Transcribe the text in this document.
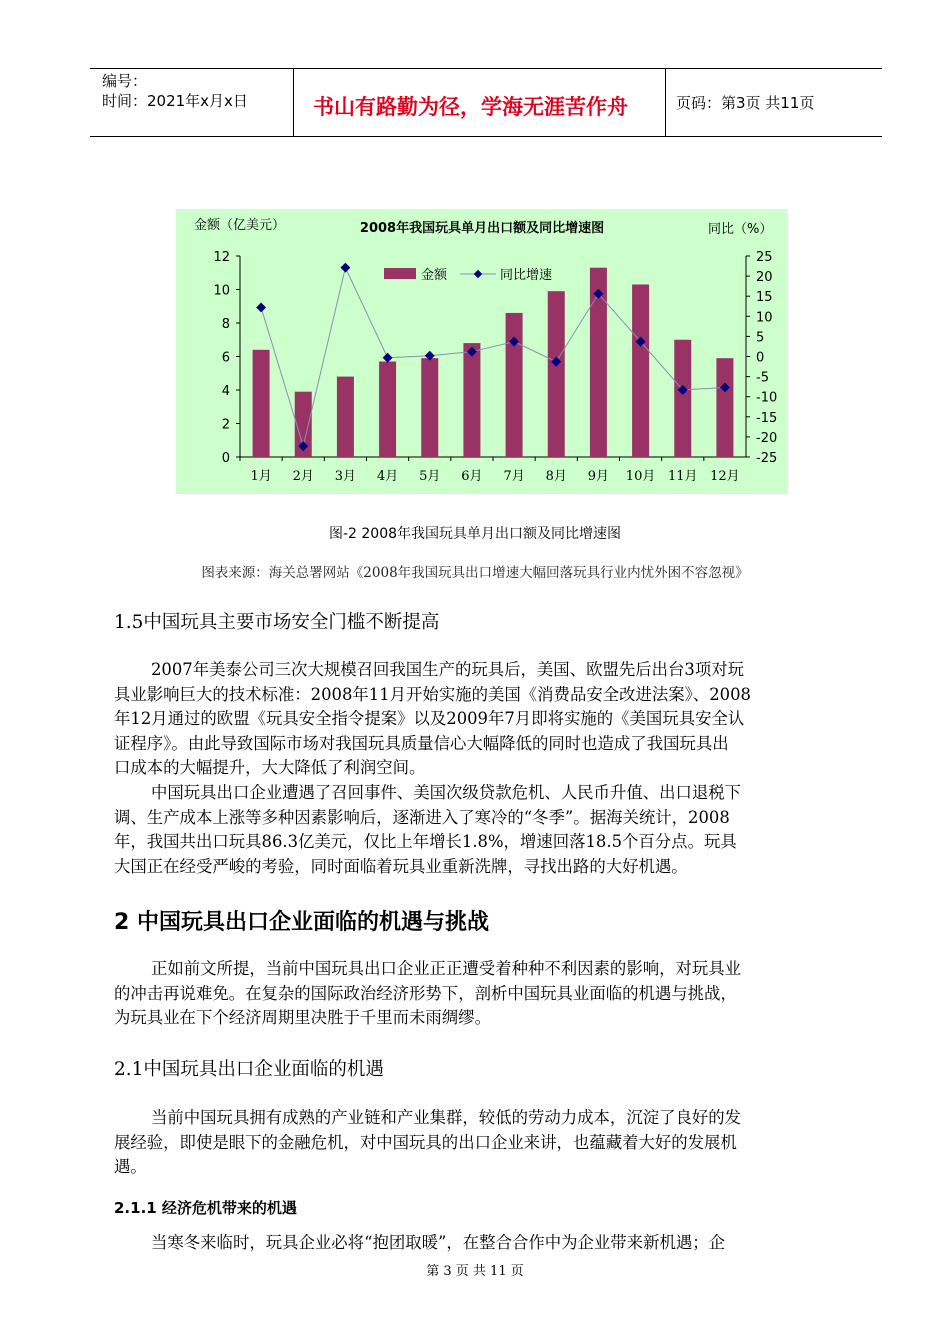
编号：
时间：2021年x月x日	书山有路勤为径，学海无涯苦作舟	页码：第3页 共11页
金额（亿美元）	2008年我国玩具单月出口额及同比增速图	同比（%）
0
2
4
6
8
10
12	25
20
15
10
5
0
-5
-10
-15
-20
-25
1月 2月 3月 4月 5月 6月 7月 8月 9月 10月 11月 12月
金额	同比增速
图-2 2008年我国玩具单月出口额及同比增速图
图表来源：海关总署网站《2008年我国玩具出口增速大幅回落玩具行业内忧外困不容忽视》
1.5中国玩具主要市场安全门槛不断提高
2007年美泰公司三次大规模召回我国生产的玩具后，美国、欧盟先后出台3项对玩
具业影响巨大的技术标准：2008年11月开始实施的美国《消费品安全改进法案》、2008
年12月通过的欧盟《玩具安全指令提案》以及2009年7月即将实施的《美国玩具安全认
证程序》。由此导致国际市场对我国玩具质量信心大幅降低的同时也造成了我国玩具出
口成本的大幅提升，大大降低了利润空间。
中国玩具出口企业遭遇了召回事件、美国次级贷款危机、人民币升值、出口退税下
调、生产成本上涨等多种因素影响后，逐渐进入了寒冷的“冬季”。据海关统计，2008
年，我国共出口玩具86.3亿美元，仅比上年增长1.8%，增速回落18.5个百分点。玩具
大国正在经受严峻的考验，同时面临着玩具业重新洗牌，寻找出路的大好机遇。
2 中国玩具出口企业面临的机遇与挑战
正如前文所提，当前中国玩具出口企业正正遭受着种种不利因素的影响，对玩具业
的冲击再说难免。在复杂的国际政治经济形势下，剖析中国玩具业面临的机遇与挑战，
为玩具业在下个经济周期里决胜于千里而未雨绸缪。
2.1中国玩具出口企业面临的机遇
当前中国玩具拥有成熟的产业链和产业集群，较低的劳动力成本，沉淀了良好的发
展经验，即使是眼下的金融危机，对中国玩具的出口企业来讲，也蕴藏着大好的发展机
遇。
2.1.1 经济危机带来的机遇
当寒冬来临时，玩具企业必将“抱团取暖”，在整合合作中为企业带来新机遇；企
第 3 页 共 11 页
